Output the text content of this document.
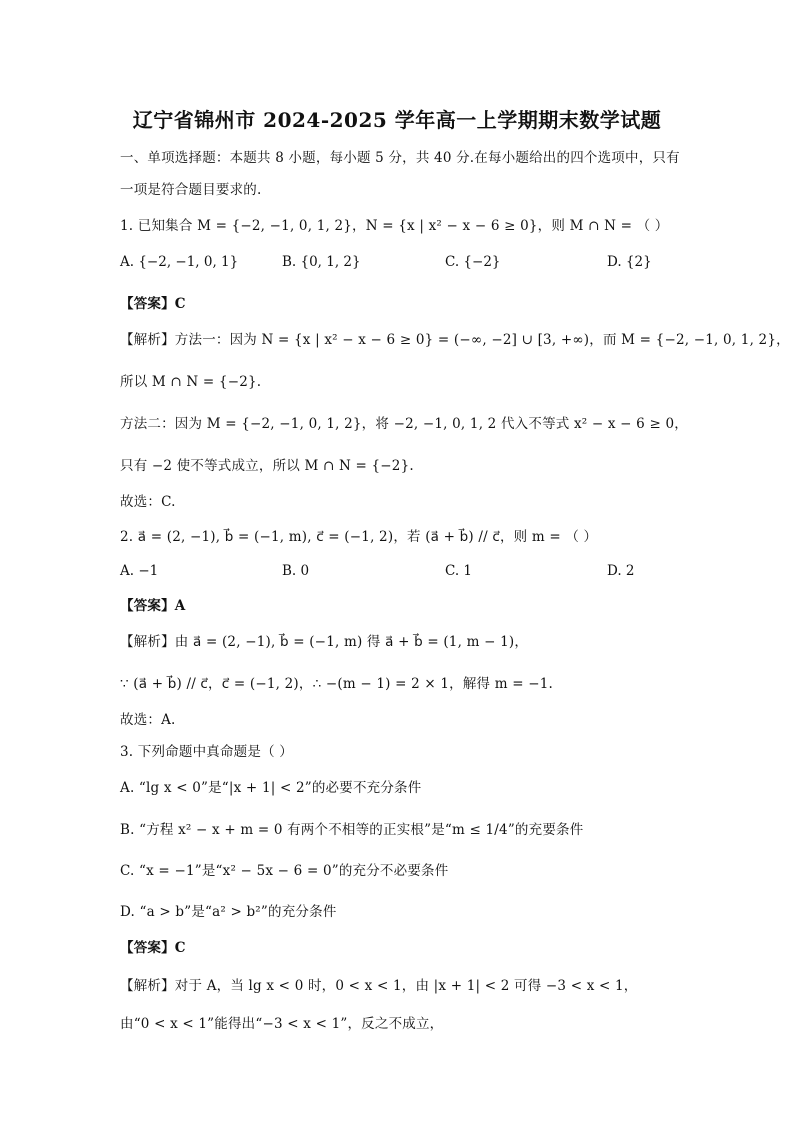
辽宁省锦州市 2024-2025 学年高一上学期期末数学试题
一、单项选择题：本题共 8 小题，每小题 5 分，共 40 分.在每小题给出的四个选项中，只有
一项是符合题目要求的.
1. 已知集合 M = {−2, −1, 0, 1, 2}，N = {x | x² − x − 6 ≥ 0}，则 M ∩ N = （ ）
A. {−2, −1, 0, 1}	B. {0, 1, 2}	C. {−2}	D. {2}
【答案】C
【解析】方法一：因为 N = {x | x² − x − 6 ≥ 0} = (−∞, −2] ∪ [3, +∞)，而 M = {−2, −1, 0, 1, 2}，
所以 M ∩ N = {−2}.
方法二：因为 M = {−2, −1, 0, 1, 2}，将 −2, −1, 0, 1, 2 代入不等式 x² − x − 6 ≥ 0，
只有 −2 使不等式成立，所以 M ∩ N = {−2}.
故选：C.
2. a⃗ = (2, −1), b⃗ = (−1, m), c⃗ = (−1, 2)，若 (a⃗ + b⃗) // c⃗，则 m = （ ）
A. −1	B. 0	C. 1	D. 2
【答案】A
【解析】由 a⃗ = (2, −1), b⃗ = (−1, m) 得 a⃗ + b⃗ = (1, m − 1)，
∵ (a⃗ + b⃗) // c⃗，c⃗ = (−1, 2)，∴ −(m − 1) = 2 × 1，解得 m = −1.
故选：A.
3. 下列命题中真命题是（ ）
A. “lg x < 0”是“|x + 1| < 2”的必要不充分条件
B. “方程 x² − x + m = 0 有两个不相等的正实根”是“m ≤ 1/4”的充要条件
C. “x = −1”是“x² − 5x − 6 = 0”的充分不必要条件
D. “a > b”是“a² > b²”的充分条件
【答案】C
【解析】对于 A，当 lg x < 0 时，0 < x < 1，由 |x + 1| < 2 可得 −3 < x < 1，
由“0 < x < 1”能得出“−3 < x < 1”，反之不成立，
